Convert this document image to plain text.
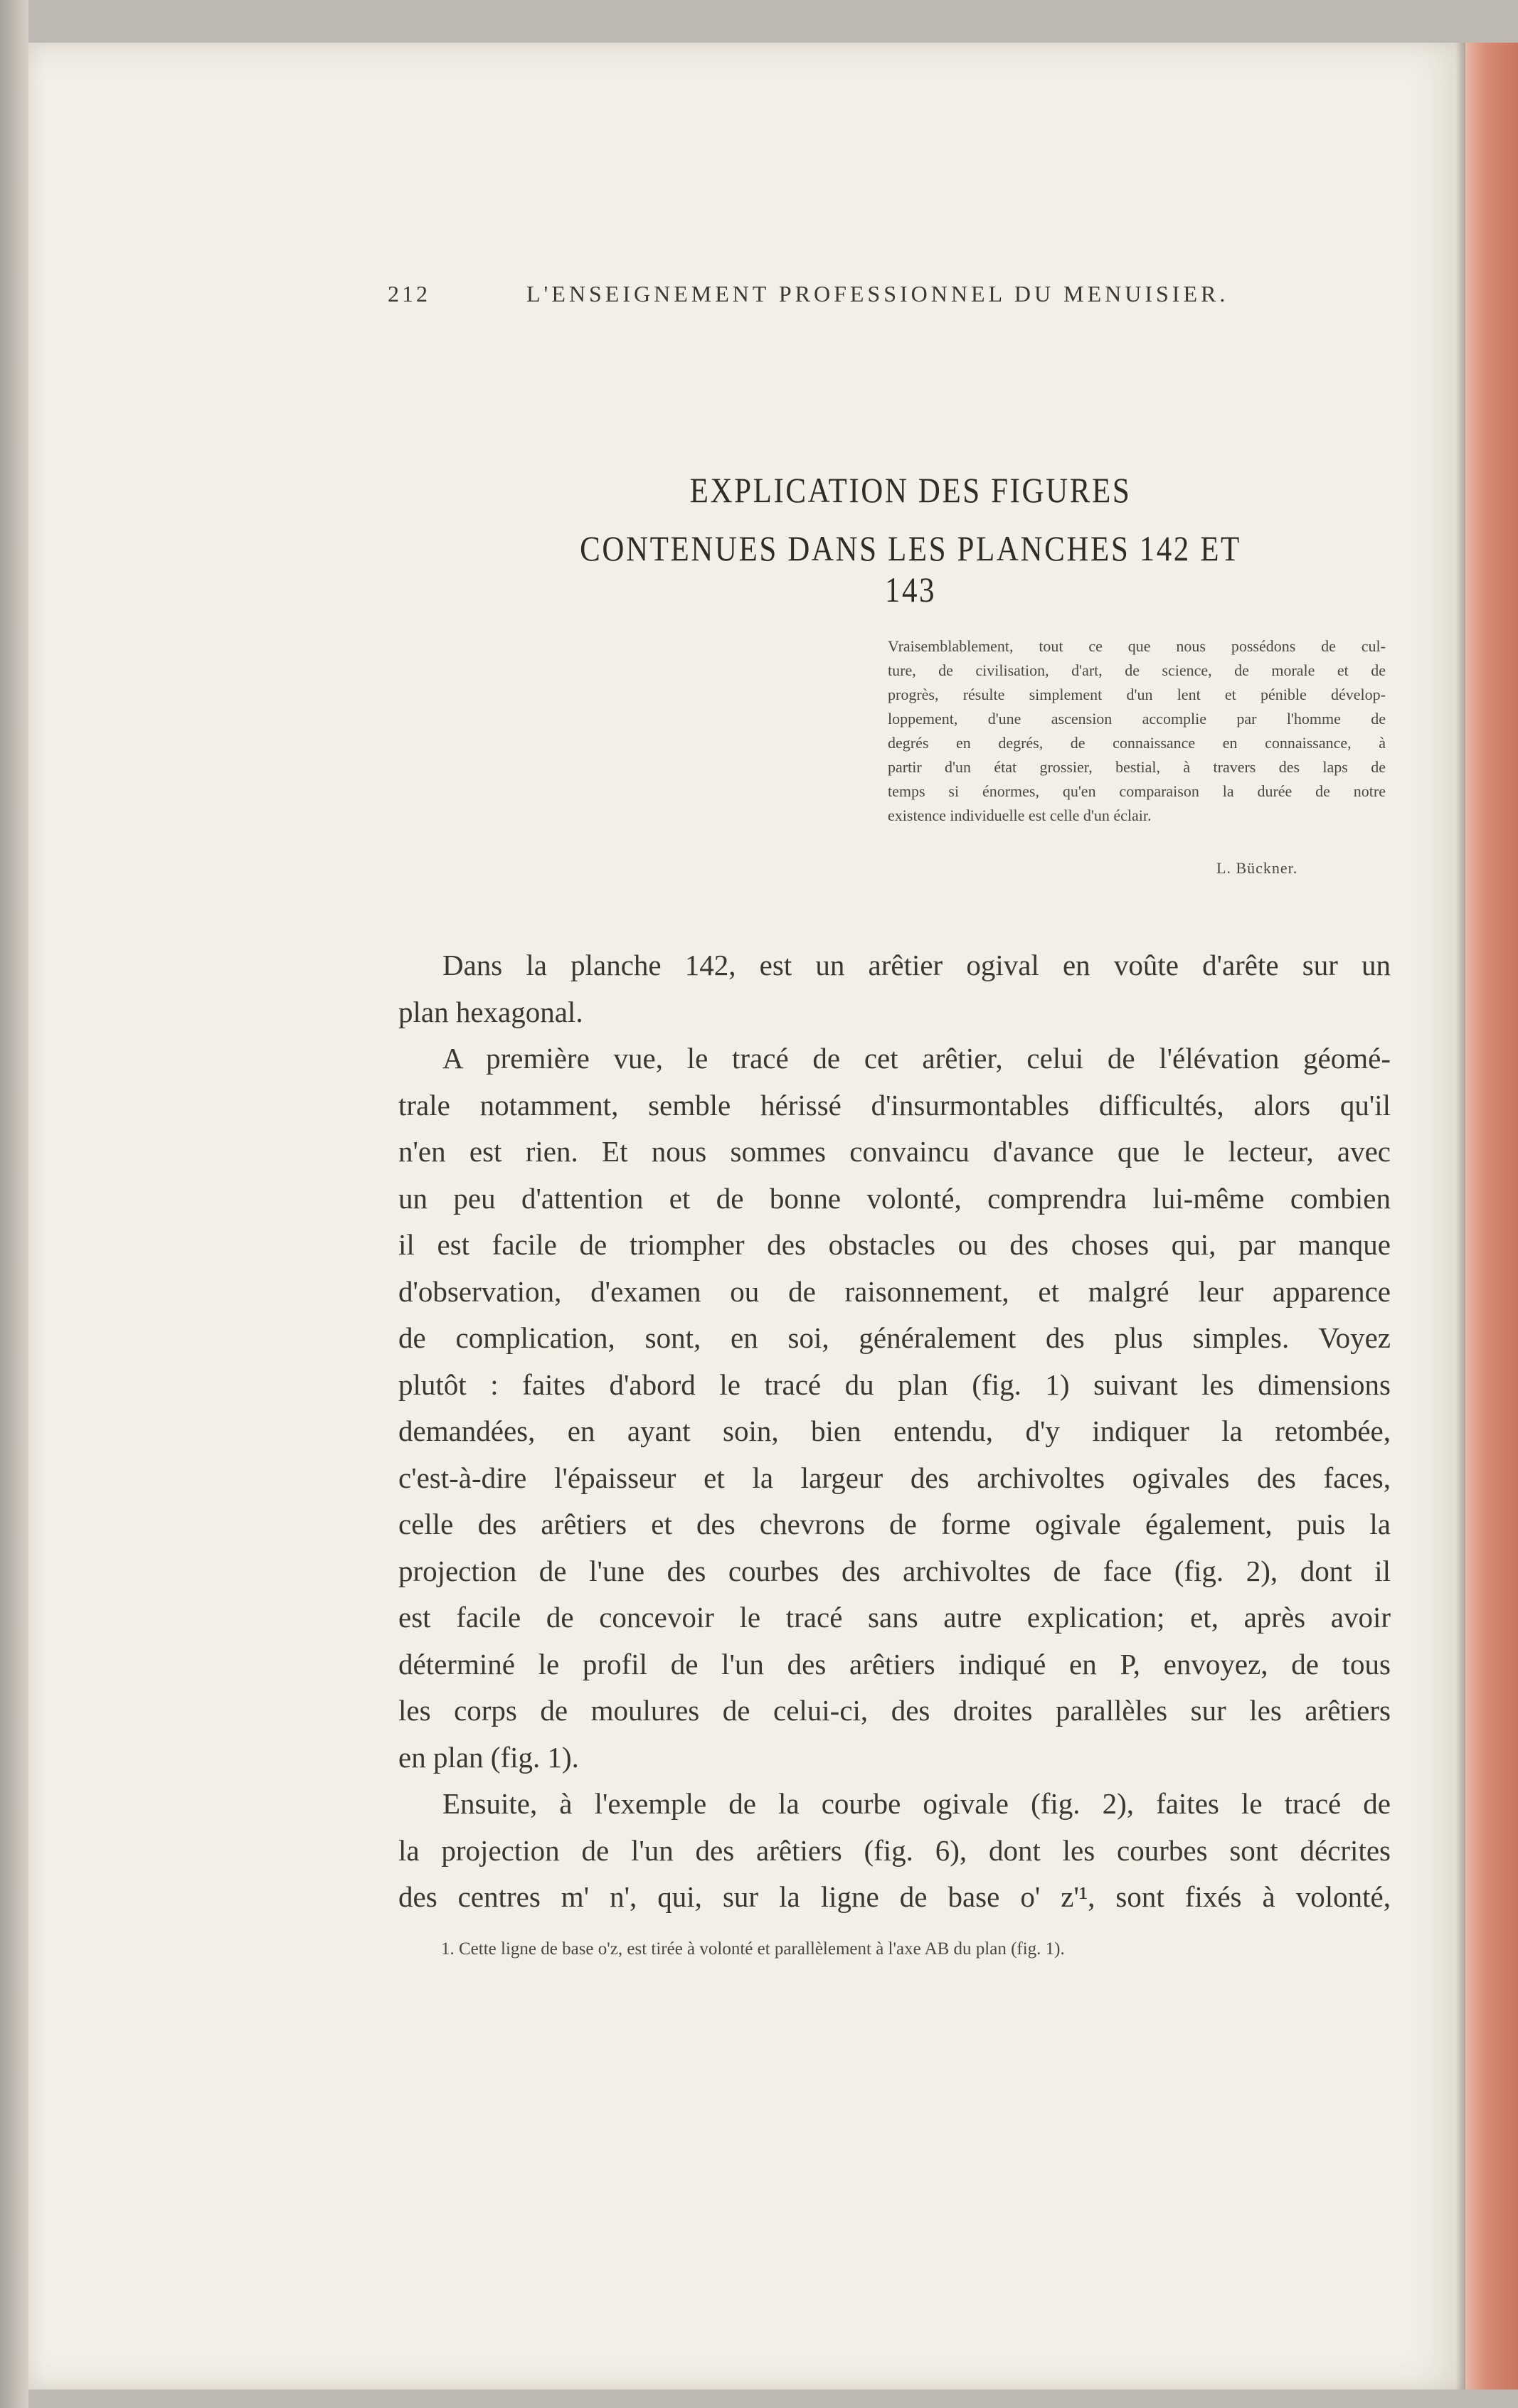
212	L'ENSEIGNEMENT PROFESSIONNEL DU MENUISIER.
EXPLICATION DES FIGURES
CONTENUES DANS LES PLANCHES 142 ET 143
Vraisemblablement, tout ce que nous possédons de cul-
ture, de civilisation, d'art, de science, de morale et de
progrès, résulte simplement d'un lent et pénible dévelop-
loppement, d'une ascension accomplie par l'homme de
degrés en degrés, de connaissance en connaissance, à
partir d'un état grossier, bestial, à travers des laps de
temps si énormes, qu'en comparaison la durée de notre
existence individuelle est celle d'un éclair.
L. Bückner.
Dans la planche 142, est un arêtier ogival en voûte d'arête sur un
plan hexagonal.
A première vue, le tracé de cet arêtier, celui de l'élévation géomé-
trale notamment, semble hérissé d'insurmontables difficultés, alors qu'il
n'en est rien. Et nous sommes convaincu d'avance que le lecteur, avec
un peu d'attention et de bonne volonté, comprendra lui-même combien
il est facile de triompher des obstacles ou des choses qui, par manque
d'observation, d'examen ou de raisonnement, et malgré leur apparence
de complication, sont, en soi, généralement des plus simples. Voyez
plutôt : faites d'abord le tracé du plan (fig. 1) suivant les dimensions
demandées, en ayant soin, bien entendu, d'y indiquer la retombée,
c'est-à-dire l'épaisseur et la largeur des archivoltes ogivales des faces,
celle des arêtiers et des chevrons de forme ogivale également, puis la
projection de l'une des courbes des archivoltes de face (fig. 2), dont il
est facile de concevoir le tracé sans autre explication; et, après avoir
déterminé le profil de l'un des arêtiers indiqué en P, envoyez, de tous
les corps de moulures de celui-ci, des droites parallèles sur les arêtiers
en plan (fig. 1).
Ensuite, à l'exemple de la courbe ogivale (fig. 2), faites le tracé de
la projection de l'un des arêtiers (fig. 6), dont les courbes sont décrites
des centres m' n', qui, sur la ligne de base o' z'¹, sont fixés à volonté,
1. Cette ligne de base o'z, est tirée à volonté et parallèlement à l'axe AB du plan (fig. 1).
